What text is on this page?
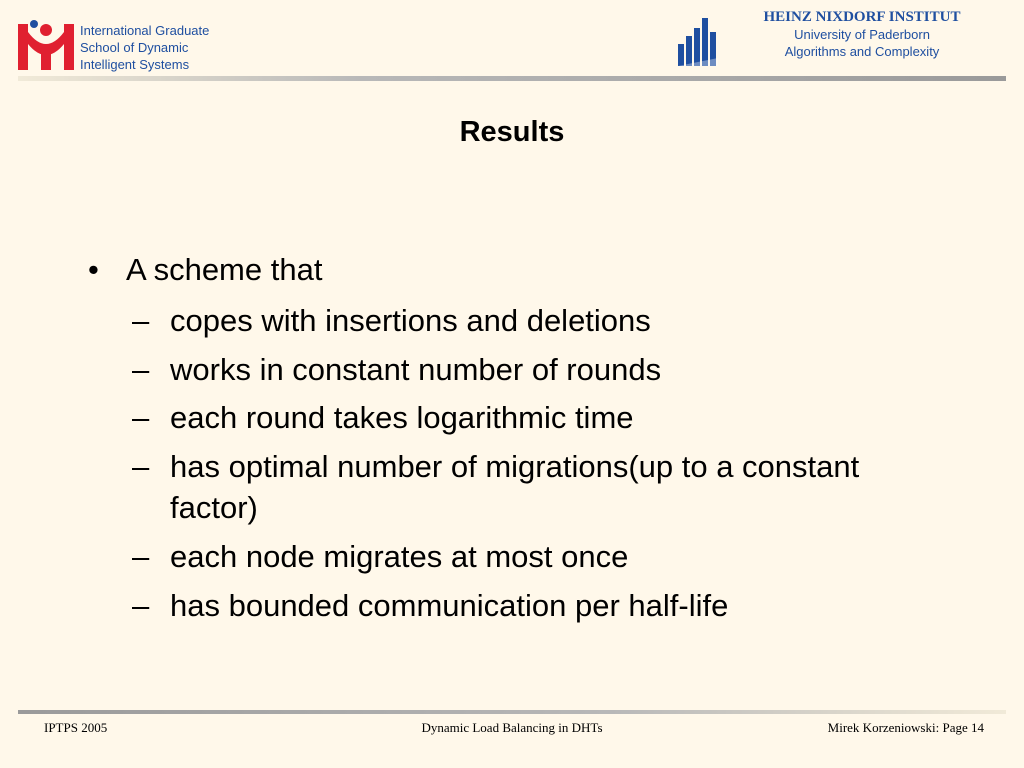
International Graduate
School of Dynamic
Intelligent Systems
HEINZ NIXDORF INSTITUT
University of Paderborn
Algorithms and Complexity
Results
• A scheme that
– copes with insertions and deletions
– works in constant number of rounds
– each round takes logarithmic time
– has optimal number of migrations(up to a constant factor)
– each node migrates at most once
– has bounded communication per half-life
IPTPS 2005	Dynamic Load Balancing in DHTs	Mirek Korzeniowski: Page 14
